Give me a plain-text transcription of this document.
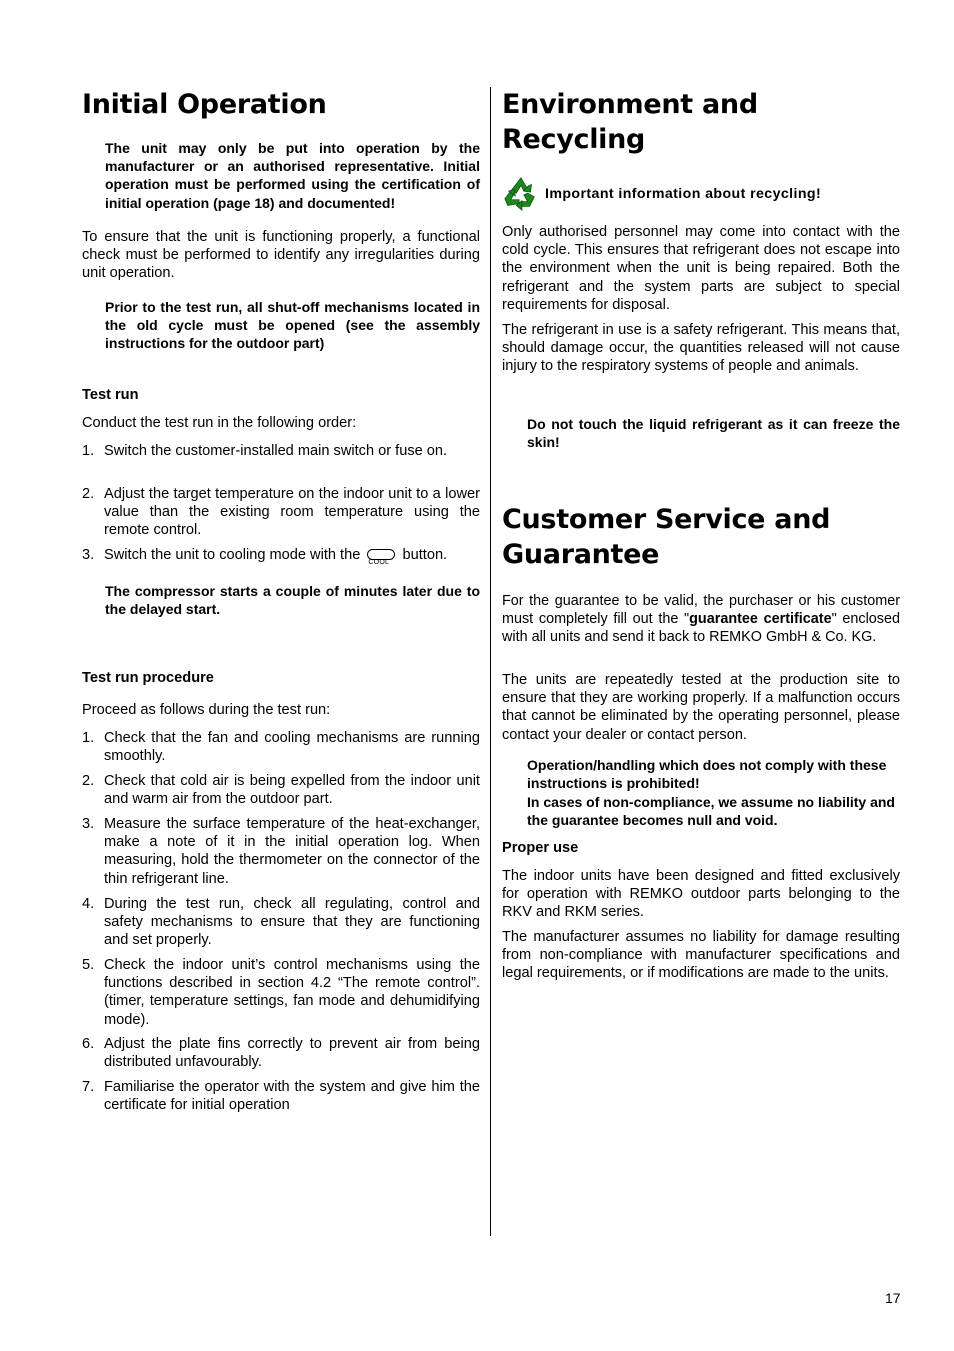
Initial Operation

The unit may only be put into operation by the manufacturer or an authorised representative. Initial operation must be performed using the certification of initial operation (page 18) and documented!

To ensure that the unit is functioning properly, a functional check must be performed to identify any irregularities during unit operation.

Prior to the test run, all shut-off mechanisms located in the old cycle must be opened (see the assembly instructions for the outdoor part)

Test run

Conduct the test run in the following order:

1. Switch the customer-installed main switch or fuse on.
2. Adjust the target temperature on the indoor unit to a lower value than the existing room temperature using the remote control.
3. Switch the unit to cooling mode with the COOL button.

The compressor starts a couple of minutes later due to the delayed start.

Test run procedure

Proceed as follows during the test run:

1. Check that the fan and cooling mechanisms are running smoothly.
2. Check that cold air is being expelled from the indoor unit and warm air from the outdoor part.
3. Measure the surface temperature of the heat-exchanger, make a note of it in the initial operation log. When measuring, hold the thermometer on the connector of the thin refrigerant line.
4. During the test run, check all regulating, control and safety mechanisms to ensure that they are functioning and set properly.
5. Check the indoor unit’s control mechanisms using the functions described in section 4.2 “The remote control”. (timer, temperature settings, fan mode and dehumidifying mode).
6. Adjust the plate fins correctly to prevent air from being distributed unfavourably.
7. Familiarise the operator with the system and give him the certificate for initial operation
Environment and
Recycling

Important information about recycling!

Only authorised personnel may come into contact with the cold cycle. This ensures that refrigerant does not escape into the environment when the unit is being repaired. Both the refrigerant and the system parts are subject to special requirements for disposal.

The refrigerant in use is a safety refrigerant. This means that, should damage occur, the quantities released will not cause injury to the respiratory systems of people and animals.

Do not touch the liquid refrigerant as it can freeze the skin!

Customer Service and
Guarantee

For the guarantee to be valid, the purchaser or his customer must completely fill out the "guarantee certificate" enclosed with all units and send it back to REMKO GmbH & Co. KG.

The units are repeatedly tested at the production site to ensure that they are working properly. If a malfunction occurs that cannot be eliminated by the operating personnel, please contact your dealer or contact person.

Operation/handling which does not comply with these instructions is prohibited!

In cases of non-compliance, we assume no liability and the guarantee becomes null and void.

Proper use

The indoor units have been designed and fitted exclusively for operation with REMKO outdoor parts belonging to the RKV and RKM series.

The manufacturer assumes no liability for damage resulting from non-compliance with manufacturer specifications and legal requirements, or if modifications are made to the units.

17
